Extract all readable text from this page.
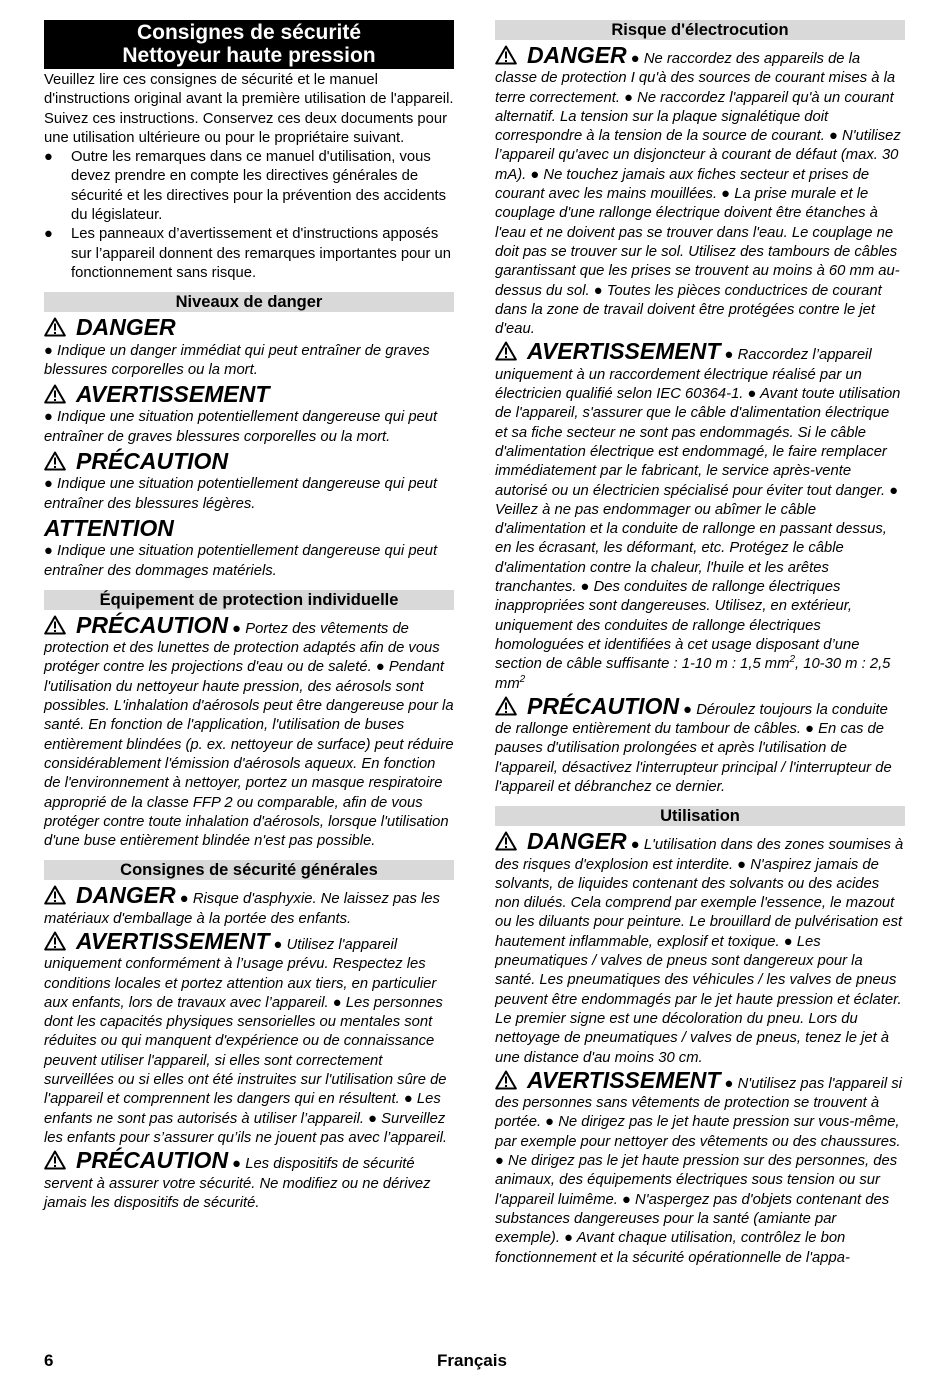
Consignes de sécurité
Nettoyeur haute pression

Veuillez lire ces consignes de sécurité et le manuel d'instructions original avant la première utilisation de l'appareil. Suivez ces instructions. Conservez ces deux documents pour une utilisation ultérieure ou pour le propriétaire suivant.

● Outre les remarques dans ce manuel d'utilisation, vous devez prendre en compte les directives générales de sécurité et les directives pour la prévention des accidents du législateur.
● Les panneaux d’avertissement et d'instructions apposés sur l’appareil donnent des remarques importantes pour un fonctionnement sans risque.
Niveaux de danger
DANGER
● Indique un danger immédiat qui peut entraîner de graves blessures corporelles ou la mort.
AVERTISSEMENT
● Indique une situation potentiellement dangereuse qui peut entraîner de graves blessures corporelles ou la mort.
PRÉCAUTION
● Indique une situation potentiellement dangereuse qui peut entraîner des blessures légères.
ATTENTION
● Indique une situation potentiellement dangereuse qui peut entraîner des dommages matériels.
Équipement de protection individuelle

PRÉCAUTION ● Portez des vêtements de protection et des lunettes de protection adaptés afin de vous protéger contre les projections d'eau ou de saleté. ● Pendant l'utilisation du nettoyeur haute pression, des aérosols sont possibles. L'inhalation d'aérosols peut être dangereuse pour la santé. En fonction de l'application, l'utilisation de buses entièrement blindées (p. ex. nettoyeur de surface) peut réduire considérablement l'émission d'aérosols aqueux. En fonction de l'environnement à nettoyer, portez un masque respiratoire approprié de la classe FFP 2 ou comparable, afin de vous protéger contre toute inhalation d'aérosols, lorsque l'utilisation d'une buse entièrement blindée n'est pas possible.

Consignes de sécurité générales

DANGER ● Risque d'asphyxie. Ne laissez pas les matériaux d'emballage à la portée des enfants.

AVERTISSEMENT ● Utilisez l'appareil uniquement conformément à l’usage prévu. Respectez les conditions locales et portez attention aux tiers, en particulier aux enfants, lors de travaux avec l’appareil. ● Les personnes dont les capacités physiques sensorielles ou mentales sont réduites ou qui manquent d'expérience ou de connaissance peuvent utiliser l'appareil, si elles sont correctement surveillées ou si elles ont été instruites sur l'utilisation sûre de l'appareil et comprennent les dangers qui en résultent. ● Les enfants ne sont pas autorisés à utiliser l’appareil. ● Surveillez les enfants pour s’assurer qu’ils ne jouent pas avec l’appareil.

PRÉCAUTION ● Les dispositifs de sécurité servent à assurer votre sécurité. Ne modifiez ou ne dérivez jamais les dispositifs de sécurité.

Risque d'électrocution

DANGER ● Ne raccordez des appareils de la classe de protection I qu'à des sources de courant mises à la terre correctement. ● Ne raccordez l'appareil qu'à un courant alternatif. La tension sur la plaque signalétique doit correspondre à la tension de la source de courant. ● N'utilisez l’appareil qu'avec un disjoncteur à courant de défaut (max. 30 mA). ● Ne touchez jamais aux fiches secteur et prises de courant avec les mains mouillées. ● La prise murale et le couplage d'une rallonge électrique doivent être étanches à l'eau et ne doivent pas se trouver dans l'eau. Le couplage ne doit pas se trouver sur le sol. Utilisez des tambours de câbles garantissant que les prises se trouvent au moins à 60 mm au-dessus du sol. ● Toutes les pièces conductrices de courant dans la zone de travail doivent être protégées contre le jet d'eau.

AVERTISSEMENT ● Raccordez l’appareil uniquement à un raccordement électrique réalisé par un électricien qualifié selon IEC 60364-1. ● Avant toute utilisation de l'appareil, s'assurer que le câble d'alimentation électrique et sa fiche secteur ne sont pas endommagés. Si le câble d'alimentation électrique est endommagé, le faire remplacer immédiatement par le fabricant, le service après-vente autorisé ou un électricien spécialisé pour éviter tout danger. ● Veillez à ne pas endommager ou abîmer le câble d'alimentation et la conduite de rallonge en passant dessus, en les écrasant, les déformant, etc. Protégez le câble d'alimentation contre la chaleur, l'huile et les arêtes tranchantes. ● Des conduites de rallonge électriques inappropriées sont dangereuses. Utilisez, en extérieur, uniquement des conduites de rallonge électriques homologuées et identifiées à cet usage disposant d’une section de câble suffisante : 1-10 m : 1,5 $mm^2$, 10-30 m : 2,5 $mm^2$

PRÉCAUTION ● Déroulez toujours la conduite de rallonge entièrement du tambour de câbles. ● En cas de pauses d'utilisation prolongées et après l'utilisation de l'appareil, désactivez l'interrupteur principal / l'interrupteur de l'appareil et débranchez ce dernier.

Utilisation

DANGER ● L'utilisation dans des zones soumises à des risques d'explosion est interdite. ● N'aspirez jamais de solvants, de liquides contenant des solvants ou des acides non dilués. Cela comprend par exemple l'essence, le mazout ou les diluants pour peinture. Le brouillard de pulvérisation est hautement inflammable, explosif et toxique. ● Les pneumatiques / valves de pneus sont dangereux pour la santé. Les pneumatiques des véhicules / les valves de pneus peuvent être endommagés par le jet haute pression et éclater. Le premier signe est une décoloration du pneu. Lors du nettoyage de pneumatiques / valves de pneus, tenez le jet à une distance d'au moins 30 cm.

AVERTISSEMENT ● N'utilisez pas l'appareil si des personnes sans vêtements de protection se trouvent à portée. ● Ne dirigez pas le jet haute pression sur vous-même, par exemple pour nettoyer des vêtements ou des chaussures. ● Ne dirigez pas le jet haute pression sur des personnes, des animaux, des équipements électriques sous tension ou sur l'appareil luimême. ● N'aspergez pas d'objets contenant des substances dangereuses pour la santé (amiante par exemple). ● Avant chaque utilisation, contrôlez le bon fonctionnement et la sécurité opérationnelle de l'appa-

6	Français
